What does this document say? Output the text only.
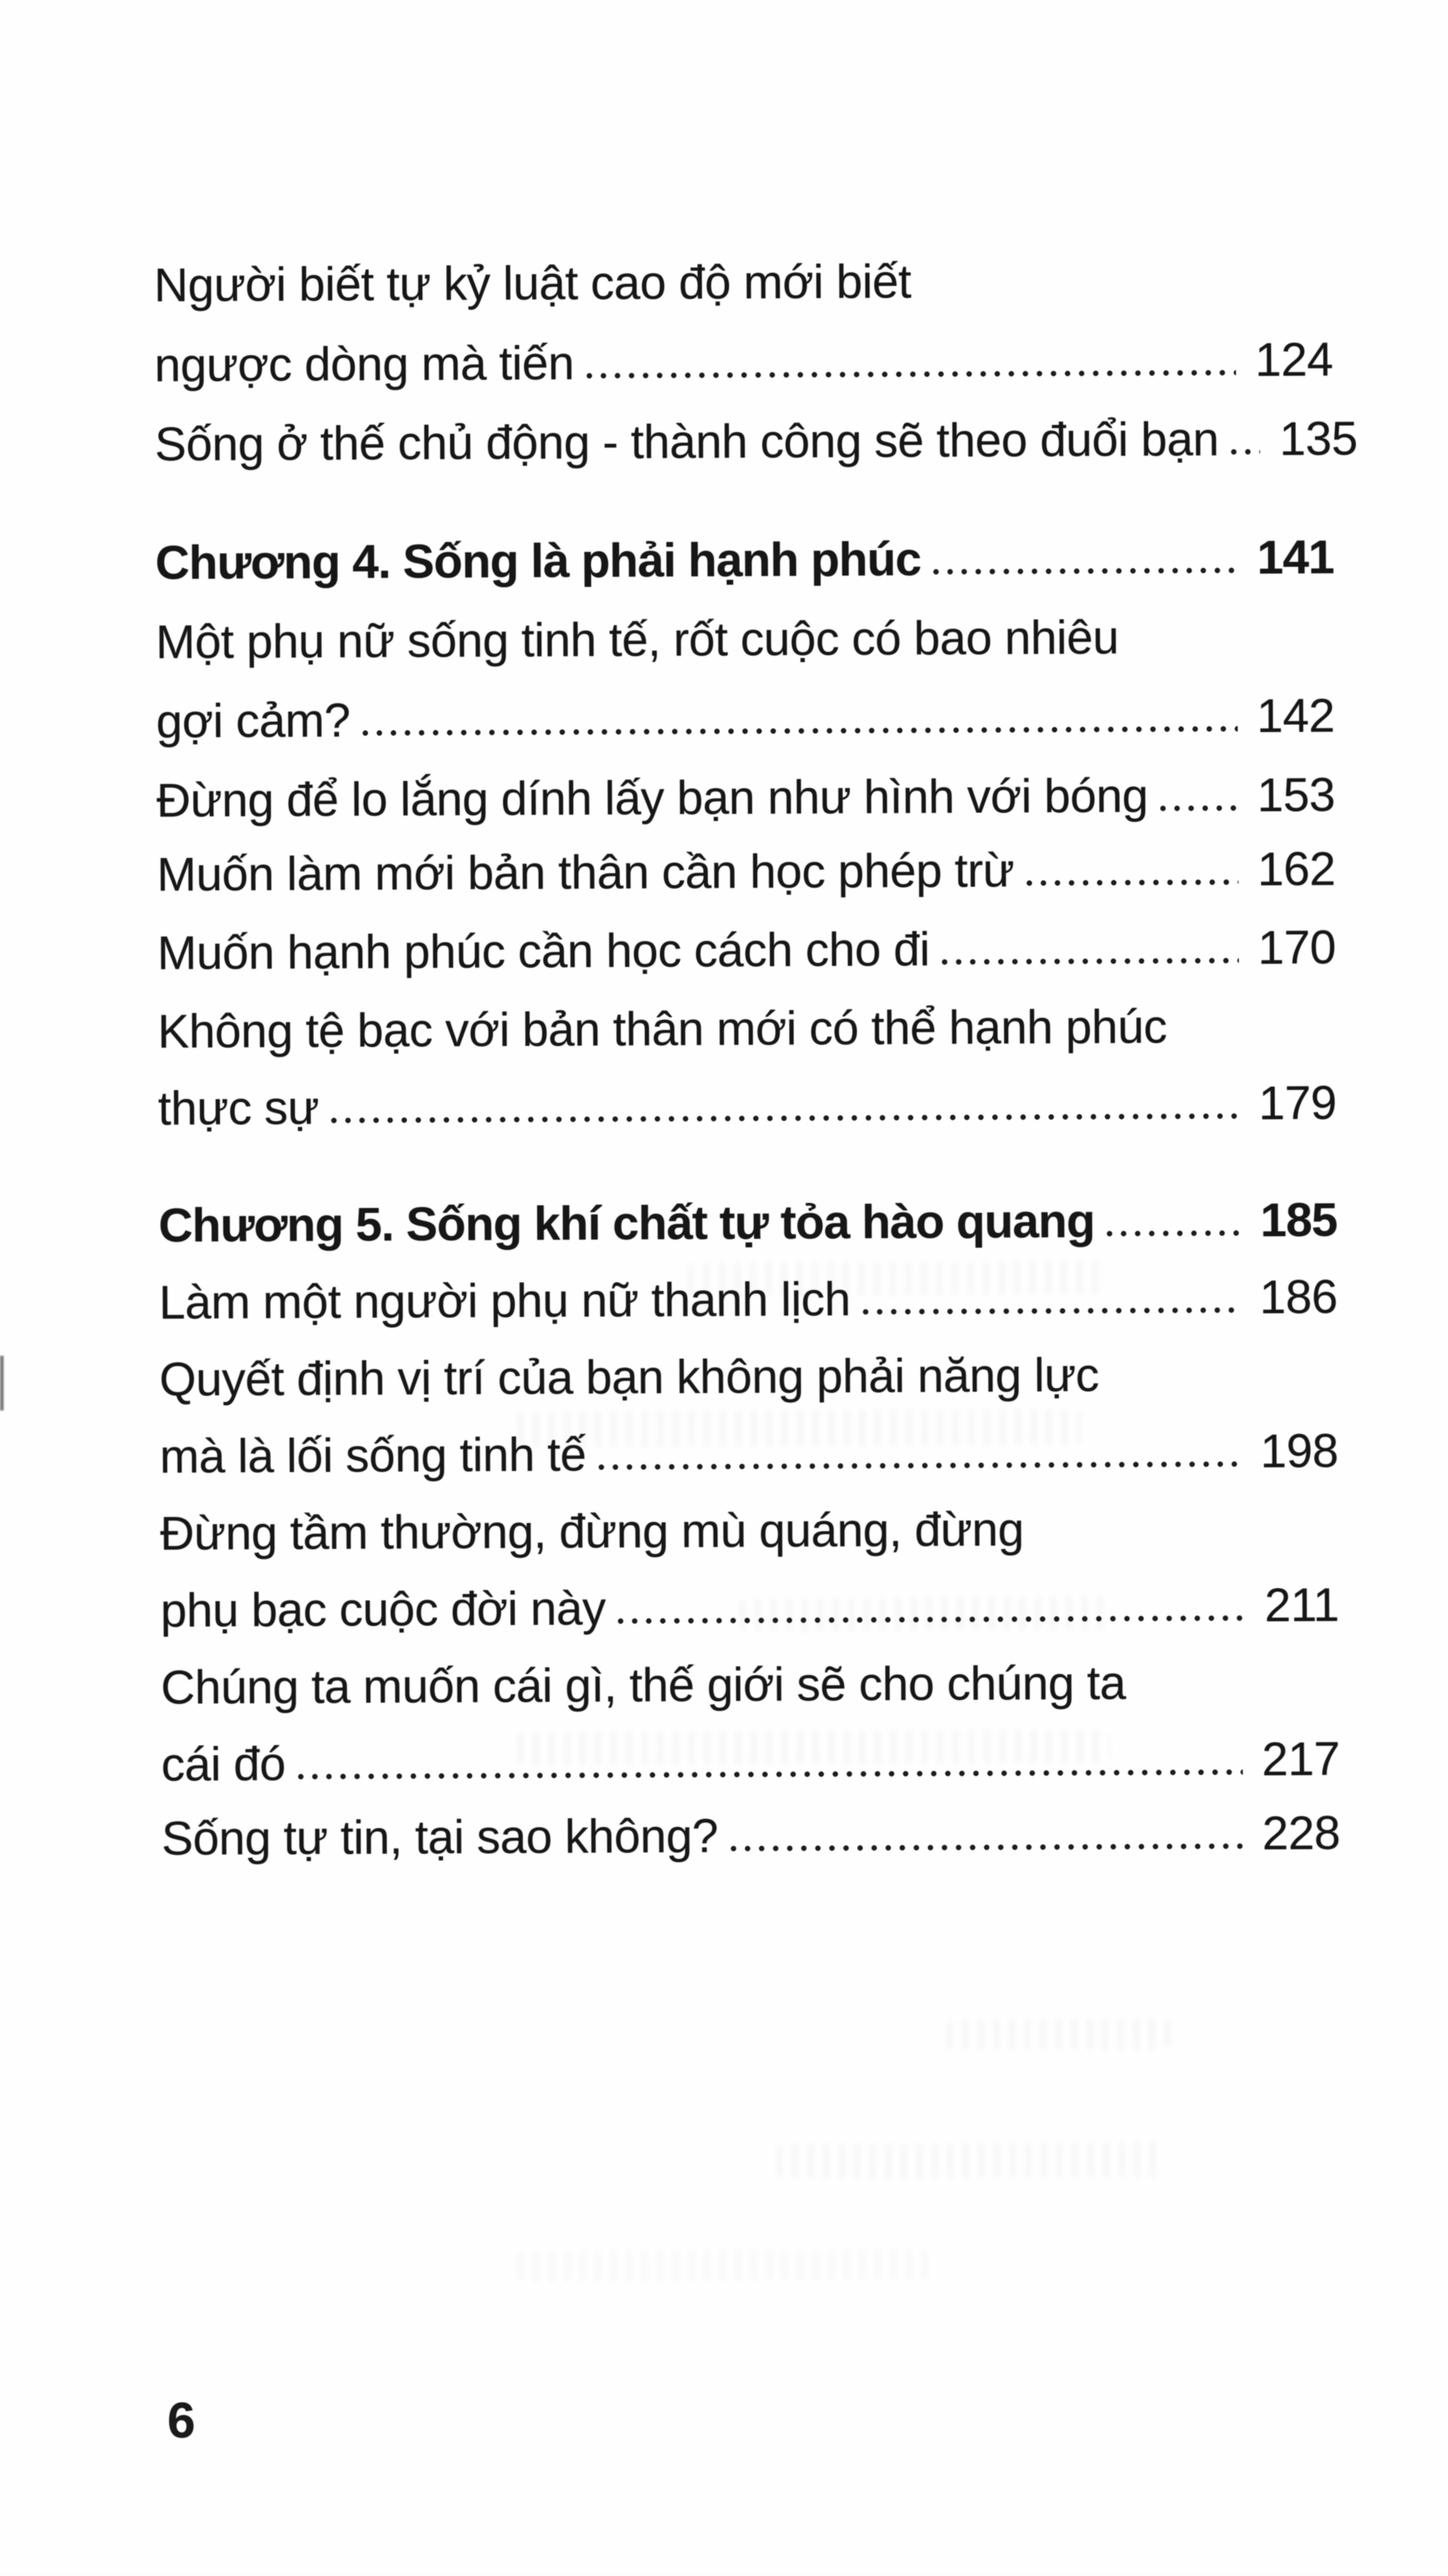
Người biết tự kỷ luật cao độ mới biết
ngược dòng mà tiến	124
Sống ở thế chủ động - thành công sẽ theo đuổi bạn 135
Chương 4. Sống là phải hạnh phúc	141
Một phụ nữ sống tinh tế, rốt cuộc có bao nhiêu
gợi cảm?	142
Đừng để lo lắng dính lấy bạn như hình với bóng 153
Muốn làm mới bản thân cần học phép trừ	162
Muốn hạnh phúc cần học cách cho đi	170
Không tệ bạc với bản thân mới có thể hạnh phúc
thực sự	179
Chương 5. Sống khí chất tự tỏa hào quang	185
Làm một người phụ nữ thanh lịch	186
Quyết định vị trí của bạn không phải năng lực
mà là lối sống tinh tế	198
Đừng tầm thường, đừng mù quáng, đừng
phụ bạc cuộc đời này	211
Chúng ta muốn cái gì, thế giới sẽ cho chúng ta
cái đó	217
Sống tự tin, tại sao không?	228
6
